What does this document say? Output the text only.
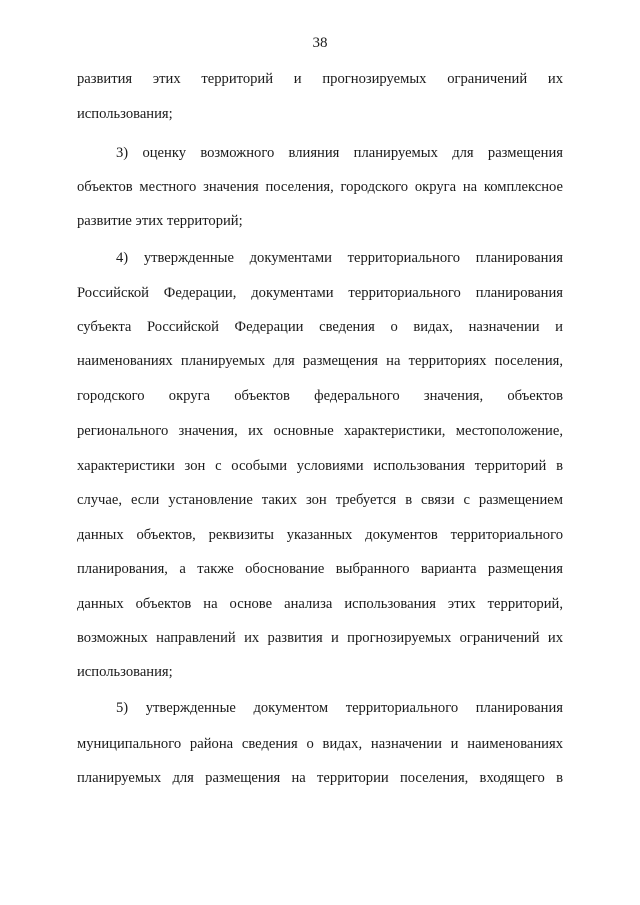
38
развития этих территорий и прогнозируемых ограничений их
использования;
3) оценку возможного влияния планируемых для размещения
объектов местного значения поселения, городского округа на комплексное
развитие этих территорий;
4) утвержденные документами территориального планирования
Российской Федерации, документами территориального планирования
субъекта Российской Федерации сведения о видах, назначении и
наименованиях планируемых для размещения на территориях поселения,
городского округа объектов федерального значения, объектов
регионального значения, их основные характеристики, местоположение,
характеристики зон с особыми условиями использования территорий в
случае, если установление таких зон требуется в связи с размещением
данных объектов, реквизиты указанных документов территориального
планирования, а также обоснование выбранного варианта размещения
данных объектов на основе анализа использования этих территорий,
возможных направлений их развития и прогнозируемых ограничений их
использования;
5) утвержденные документом территориального планирования
муниципального района сведения о видах, назначении и наименованиях
планируемых для размещения на территории поселения, входящего в
